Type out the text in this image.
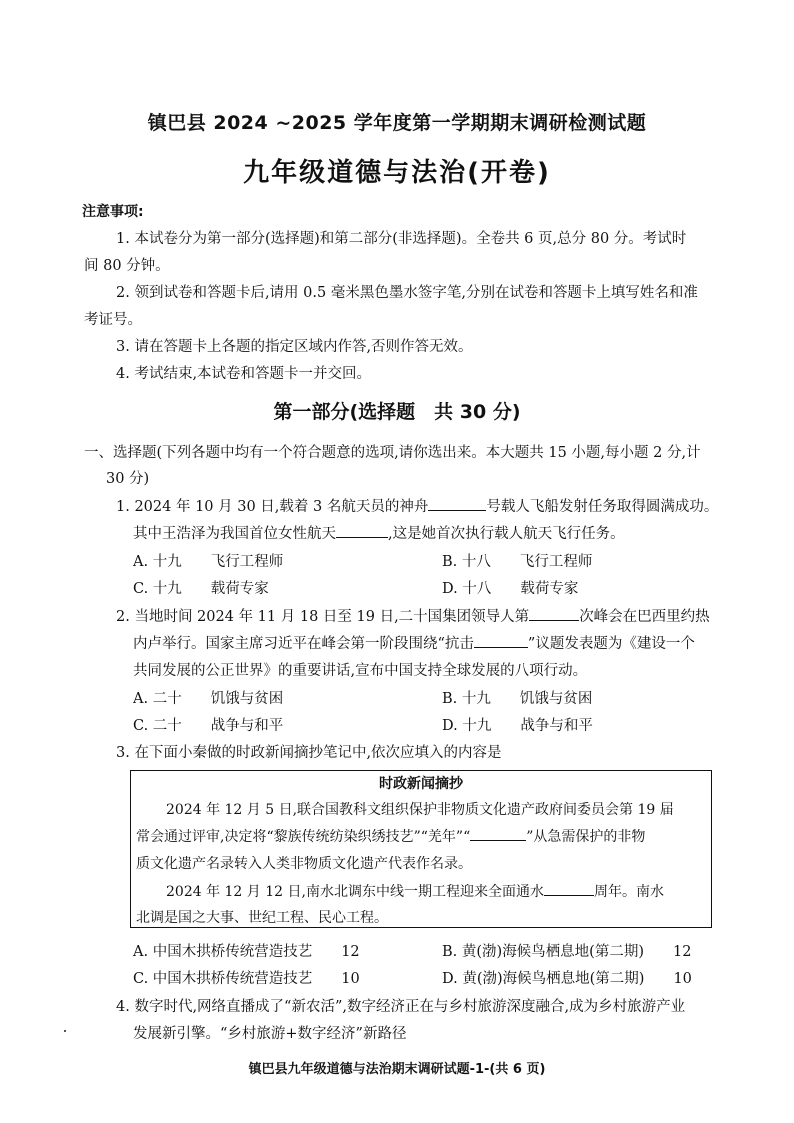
镇巴县 2024 ~2025 学年度第一学期期末调研检测试题
九年级道德与法治(开卷)
注意事项:
1. 本试卷分为第一部分(选择题)和第二部分(非选择题)。全卷共 6 页,总分 80 分。考试时
间 80 分钟。
2. 领到试卷和答题卡后,请用 0.5 毫米黑色墨水签字笔,分别在试卷和答题卡上填写姓名和准
考证号。
3. 请在答题卡上各题的指定区域内作答,否则作答无效。
4. 考试结束,本试卷和答题卡一并交回。
第一部分(选择题　共 30 分)
一、选择题(下列各题中均有一个符合题意的选项,请你选出来。本大题共 15 小题,每小题 2 分,计
30 分)
1. 2024 年 10 月 30 日,载着 3 名航天员的神舟	号载人飞船发射任务取得圆满成功。
其中王浩泽为我国首位女性航天	,这是她首次执行载人航天飞行任务。
A. 十九　　飞行工程师	B. 十八　　飞行工程师
C. 十九　　载荷专家	D. 十八　　载荷专家
2. 当地时间 2024 年 11 月 18 日至 19 日,二十国集团领导人第	次峰会在巴西里约热
内卢举行。国家主席习近平在峰会第一阶段围绕“抗击	”议题发表题为《建设一个
共同发展的公正世界》的重要讲话,宣布中国支持全球发展的八项行动。
A. 二十　　饥饿与贫困	B. 十九　　饥饿与贫困
C. 二十　　战争与和平	D. 十九　　战争与和平
3. 在下面小秦做的时政新闻摘抄笔记中,依次应填入的内容是
时政新闻摘抄
2024 年 12 月 5 日,联合国教科文组织保护非物质文化遗产政府间委员会第 19 届
常会通过评审,决定将“黎族传统纺染织绣技艺”“羌年”“	”从急需保护的非物
质文化遗产名录转入人类非物质文化遗产代表作名录。
2024 年 12 月 12 日,南水北调东中线一期工程迎来全面通水	周年。南水
北调是国之大事、世纪工程、民心工程。
A. 中国木拱桥传统营造技艺　　12	B. 黄(渤)海候鸟栖息地(第二期)　　12
C. 中国木拱桥传统营造技艺　　10	D. 黄(渤)海候鸟栖息地(第二期)　　10
4. 数字时代,网络直播成了“新农活”,数字经济正在与乡村旅游深度融合,成为乡村旅游产业
发展新引擎。“乡村旅游+数字经济”新路径
镇巴县九年级道德与法治期末调研试题-1-(共 6 页)
